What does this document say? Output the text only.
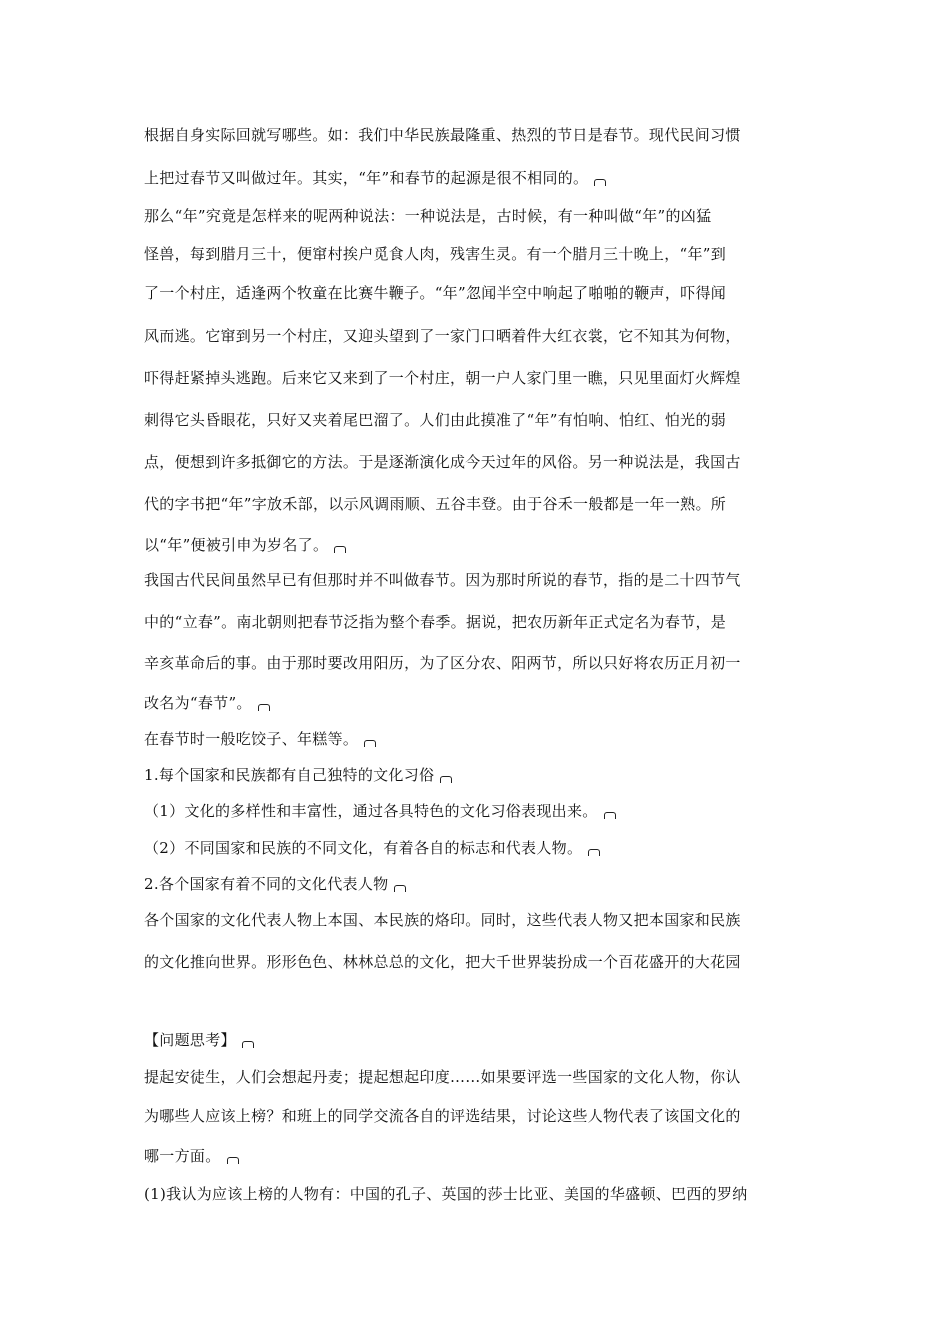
根据自身实际回就写哪些。如：我们中华民族最隆重、热烈的节日是春节。现代民间习惯
上把过春节又叫做过年。其实，“年”和春节的起源是很不相同的。
那么“年”究竟是怎样来的呢两种说法：一种说法是，古时候，有一种叫做“年”的凶猛
怪兽，每到腊月三十，便窜村挨户觅食人肉，残害生灵。有一个腊月三十晚上，“年”到
了一个村庄，适逢两个牧童在比赛牛鞭子。“年”忽闻半空中响起了啪啪的鞭声，吓得闻
风而逃。它窜到另一个村庄，又迎头望到了一家门口晒着件大红衣裳，它不知其为何物，
吓得赶紧掉头逃跑。后来它又来到了一个村庄，朝一户人家门里一瞧，只见里面灯火辉煌
刺得它头昏眼花，只好又夹着尾巴溜了。人们由此摸准了“年”有怕响、怕红、怕光的弱
点，便想到许多抵御它的方法。于是逐渐演化成今天过年的风俗。另一种说法是，我国古
代的字书把“年”字放禾部，以示风调雨顺、五谷丰登。由于谷禾一般都是一年一熟。所
以“年”便被引申为岁名了。
我国古代民间虽然早已有但那时并不叫做春节。因为那时所说的春节，指的是二十四节气
中的“立春”。南北朝则把春节泛指为整个春季。据说，把农历新年正式定名为春节，是
辛亥革命后的事。由于那时要改用阳历，为了区分农、阳两节，所以只好将农历正月初一
改名为“春节”。
在春节时一般吃饺子、年糕等。
1.每个国家和民族都有自己独特的文化习俗
（1）文化的多样性和丰富性，通过各具特色的文化习俗表现出来。
（2）不同国家和民族的不同文化，有着各自的标志和代表人物。
2.各个国家有着不同的文化代表人物
各个国家的文化代表人物上本国、本民族的烙印。同时，这些代表人物又把本国家和民族
的文化推向世界。形形色色、林林总总的文化，把大千世界装扮成一个百花盛开的大花园
【问题思考】
提起安徒生，人们会想起丹麦；提起想起印度……如果要评选一些国家的文化人物，你认
为哪些人应该上榜？和班上的同学交流各自的评选结果，讨论这些人物代表了该国文化的
哪一方面。
(1)我认为应该上榜的人物有：中国的孔子、英国的莎士比亚、美国的华盛顿、巴西的罗纳
